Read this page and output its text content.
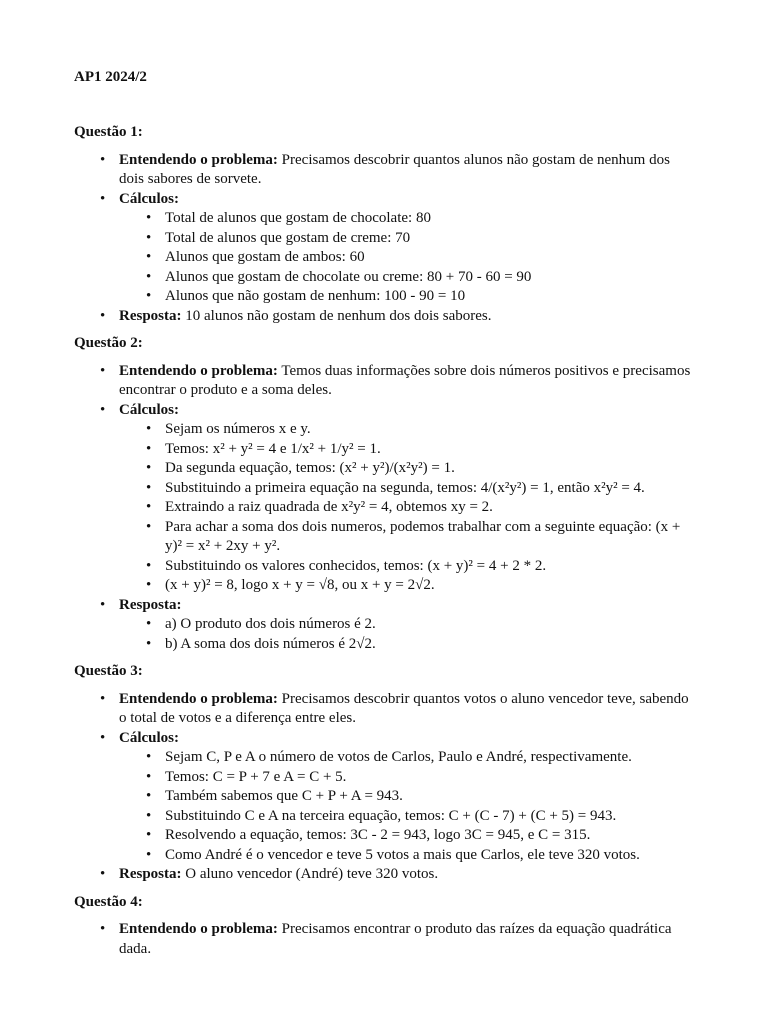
AP1 2024/2

Questão 1:

• Entendendo o problema: Precisamos descobrir quantos alunos não gostam de nenhum dos dois sabores de sorvete.
• Cálculos:
• Total de alunos que gostam de chocolate: 80
• Total de alunos que gostam de creme: 70
• Alunos que gostam de ambos: 60
• Alunos que gostam de chocolate ou creme: 80 + 70 - 60 = 90
• Alunos que não gostam de nenhum: 100 - 90 = 10
• Resposta: 10 alunos não gostam de nenhum dos dois sabores.

Questão 2:

• Entendendo o problema: Temos duas informações sobre dois números positivos e precisamos encontrar o produto e a soma deles.
• Cálculos:
• Sejam os números x e y.
• Temos: x² + y² = 4 e 1/x² + 1/y² = 1.
• Da segunda equação, temos: (x² + y²)/(x²y²) = 1.
• Substituindo a primeira equação na segunda, temos: 4/(x²y²) = 1, então x²y² = 4.
• Extraindo a raiz quadrada de x²y² = 4, obtemos xy = 2.
• Para achar a soma dos dois numeros, podemos trabalhar com a seguinte equação: (x + y)² = x² + 2xy + y².
• Substituindo os valores conhecidos, temos: (x + y)² = 4 + 2 * 2.
• (x + y)² = 8, logo x + y = √8, ou x + y = 2√2.
• Resposta:
• a) O produto dos dois números é 2.
• b) A soma dos dois números é 2√2.

Questão 3:

• Entendendo o problema: Precisamos descobrir quantos votos o aluno vencedor teve, sabendo o total de votos e a diferença entre eles.
• Cálculos:
• Sejam C, P e A o número de votos de Carlos, Paulo e André, respectivamente.
• Temos: C = P + 7 e A = C + 5.
• Também sabemos que C + P + A = 943.
• Substituindo C e A na terceira equação, temos: C + (C - 7) + (C + 5) = 943.
• Resolvendo a equação, temos: 3C - 2 = 943, logo 3C = 945, e C = 315.
• Como André é o vencedor e teve 5 votos a mais que Carlos, ele teve 320 votos.
• Resposta: O aluno vencedor (André) teve 320 votos.

Questão 4:

• Entendendo o problema: Precisamos encontrar o produto das raízes da equação quadrática dada.
